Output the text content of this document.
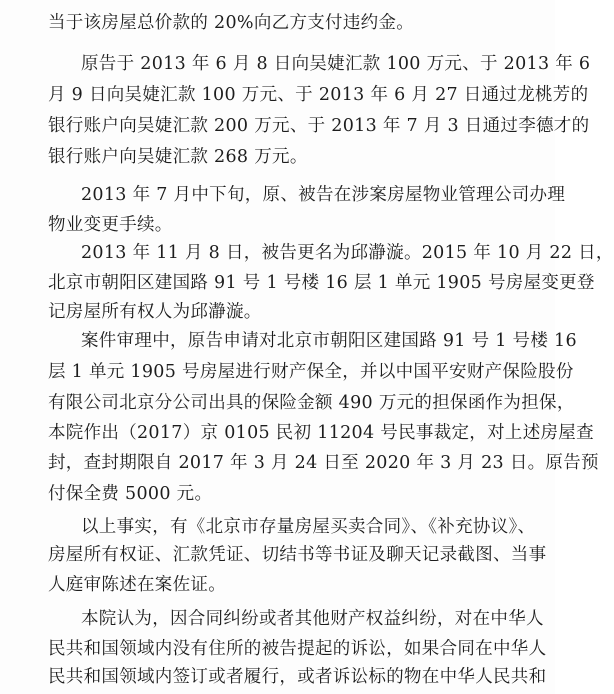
当于该房屋总价款的 20%向乙方支付违约金。
原告于 2013 年 6 月 8 日向吴婕汇款 100 万元、于 2013 年 6
月 9 日向吴婕汇款 100 万元、于 2013 年 6 月 27 日通过龙桃芳的
银行账户向吴婕汇款 200 万元、于 2013 年 7 月 3 日通过李德才的
银行账户向吴婕汇款 268 万元。
2013 年 7 月中下旬，原、被告在涉案房屋物业管理公司办理
物业变更手续。
2013 年 11 月 8 日，被告更名为邱瀞漩。2015 年 10 月 22 日，
北京市朝阳区建国路 91 号 1 号楼 16 层 1 单元 1905 号房屋变更登
记房屋所有权人为邱瀞漩。
案件审理中，原告申请对北京市朝阳区建国路 91 号 1 号楼 16
层 1 单元 1905 号房屋进行财产保全，并以中国平安财产保险股份
有限公司北京分公司出具的保险金额 490 万元的担保函作为担保，
本院作出（2017）京 0105 民初 11204 号民事裁定，对上述房屋查
封，查封期限自 2017 年 3 月 24 日至 2020 年 3 月 23 日。原告预
付保全费 5000 元。
以上事实，有《北京市存量房屋买卖合同》、《补充协议》、
房屋所有权证、汇款凭证、切结书等书证及聊天记录截图、当事
人庭审陈述在案佐证。
本院认为，因合同纠纷或者其他财产权益纠纷，对在中华人
民共和国领域内没有住所的被告提起的诉讼，如果合同在中华人
民共和国领域内签订或者履行，或者诉讼标的物在中华人民共和
